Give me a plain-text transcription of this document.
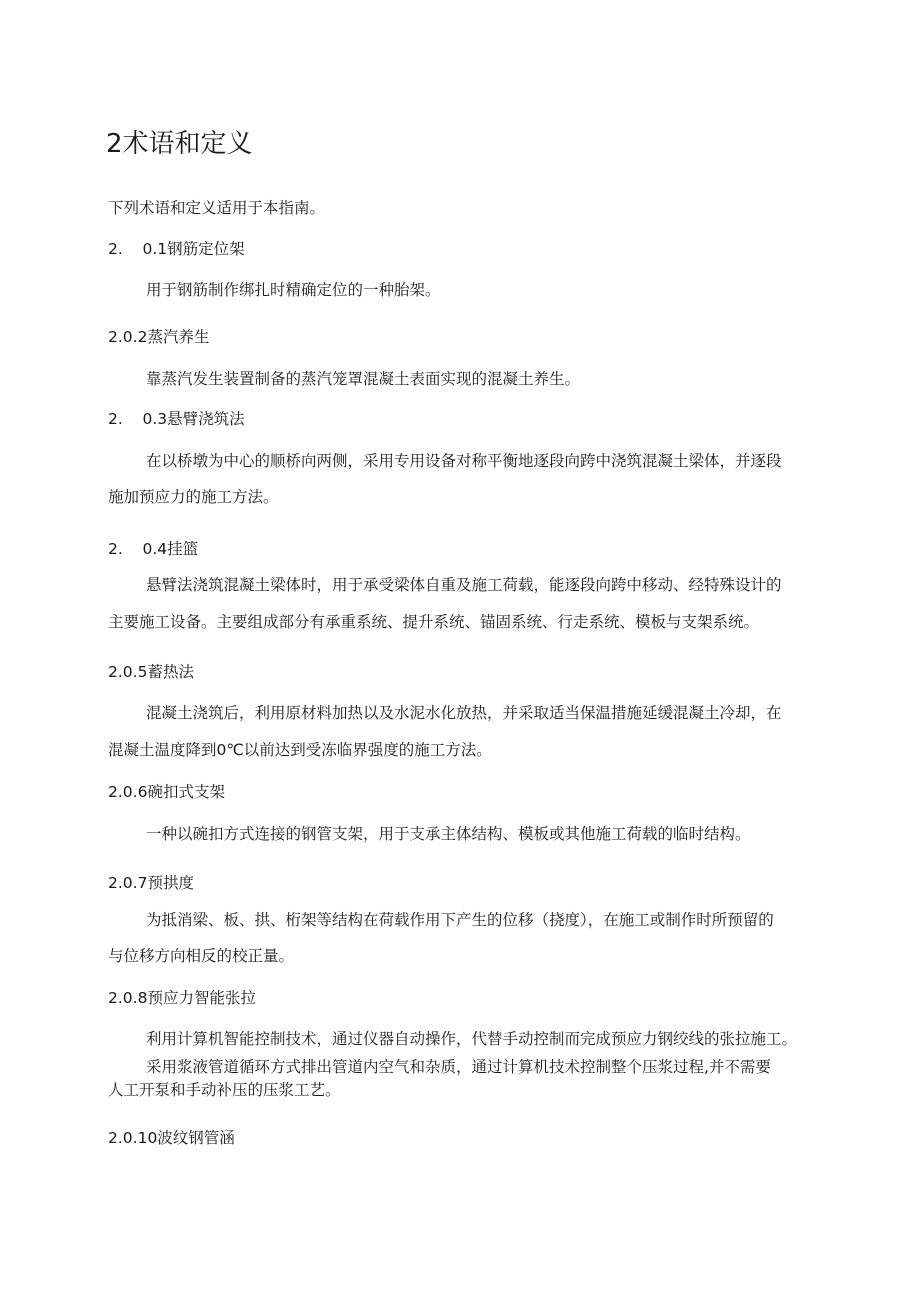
2术语和定义

下列术语和定义适用于本指南。

2.    0.1钢筋定位架

用于钢筋制作绑扎时精确定位的一种胎架。

2.0.2蒸汽养生

靠蒸汽发生装置制备的蒸汽笼罩混凝土表面实现的混凝土养生。

2.    0.3悬臂浇筑法

在以桥墩为中心的顺桥向两侧，采用专用设备对称平衡地逐段向跨中浇筑混凝土梁体，并逐段

施加预应力的施工方法。

2.    0.4挂篮

悬臂法浇筑混凝土梁体时，用于承受梁体自重及施工荷载，能逐段向跨中移动、经特殊设计的

主要施工设备。主要组成部分有承重系统、提升系统、锚固系统、行走系统、模板与支架系统。

2.0.5蓄热法

混凝土浇筑后，利用原材料加热以及水泥水化放热，并采取适当保温措施延缓混凝土冷却，在

混凝土温度降到0℃以前达到受冻临界强度的施工方法。

2.0.6碗扣式支架

一种以碗扣方式连接的钢管支架，用于支承主体结构、模板或其他施工荷载的临时结构。

2.0.7预拱度

为抵消梁、板、拱、桁架等结构在荷载作用下产生的位移（挠度），在施工或制作时所预留的

与位移方向相反的校正量。

2.0.8预应力智能张拉

利用计算机智能控制技术，通过仪器自动操作，代替手动控制而完成预应力钢绞线的张拉施工。

采用浆液管道循环方式排出管道内空气和杂质，通过计算机技术控制整个压浆过程,并不需要

人工开泵和手动补压的压浆工艺。

2.0.10波纹钢管涵
